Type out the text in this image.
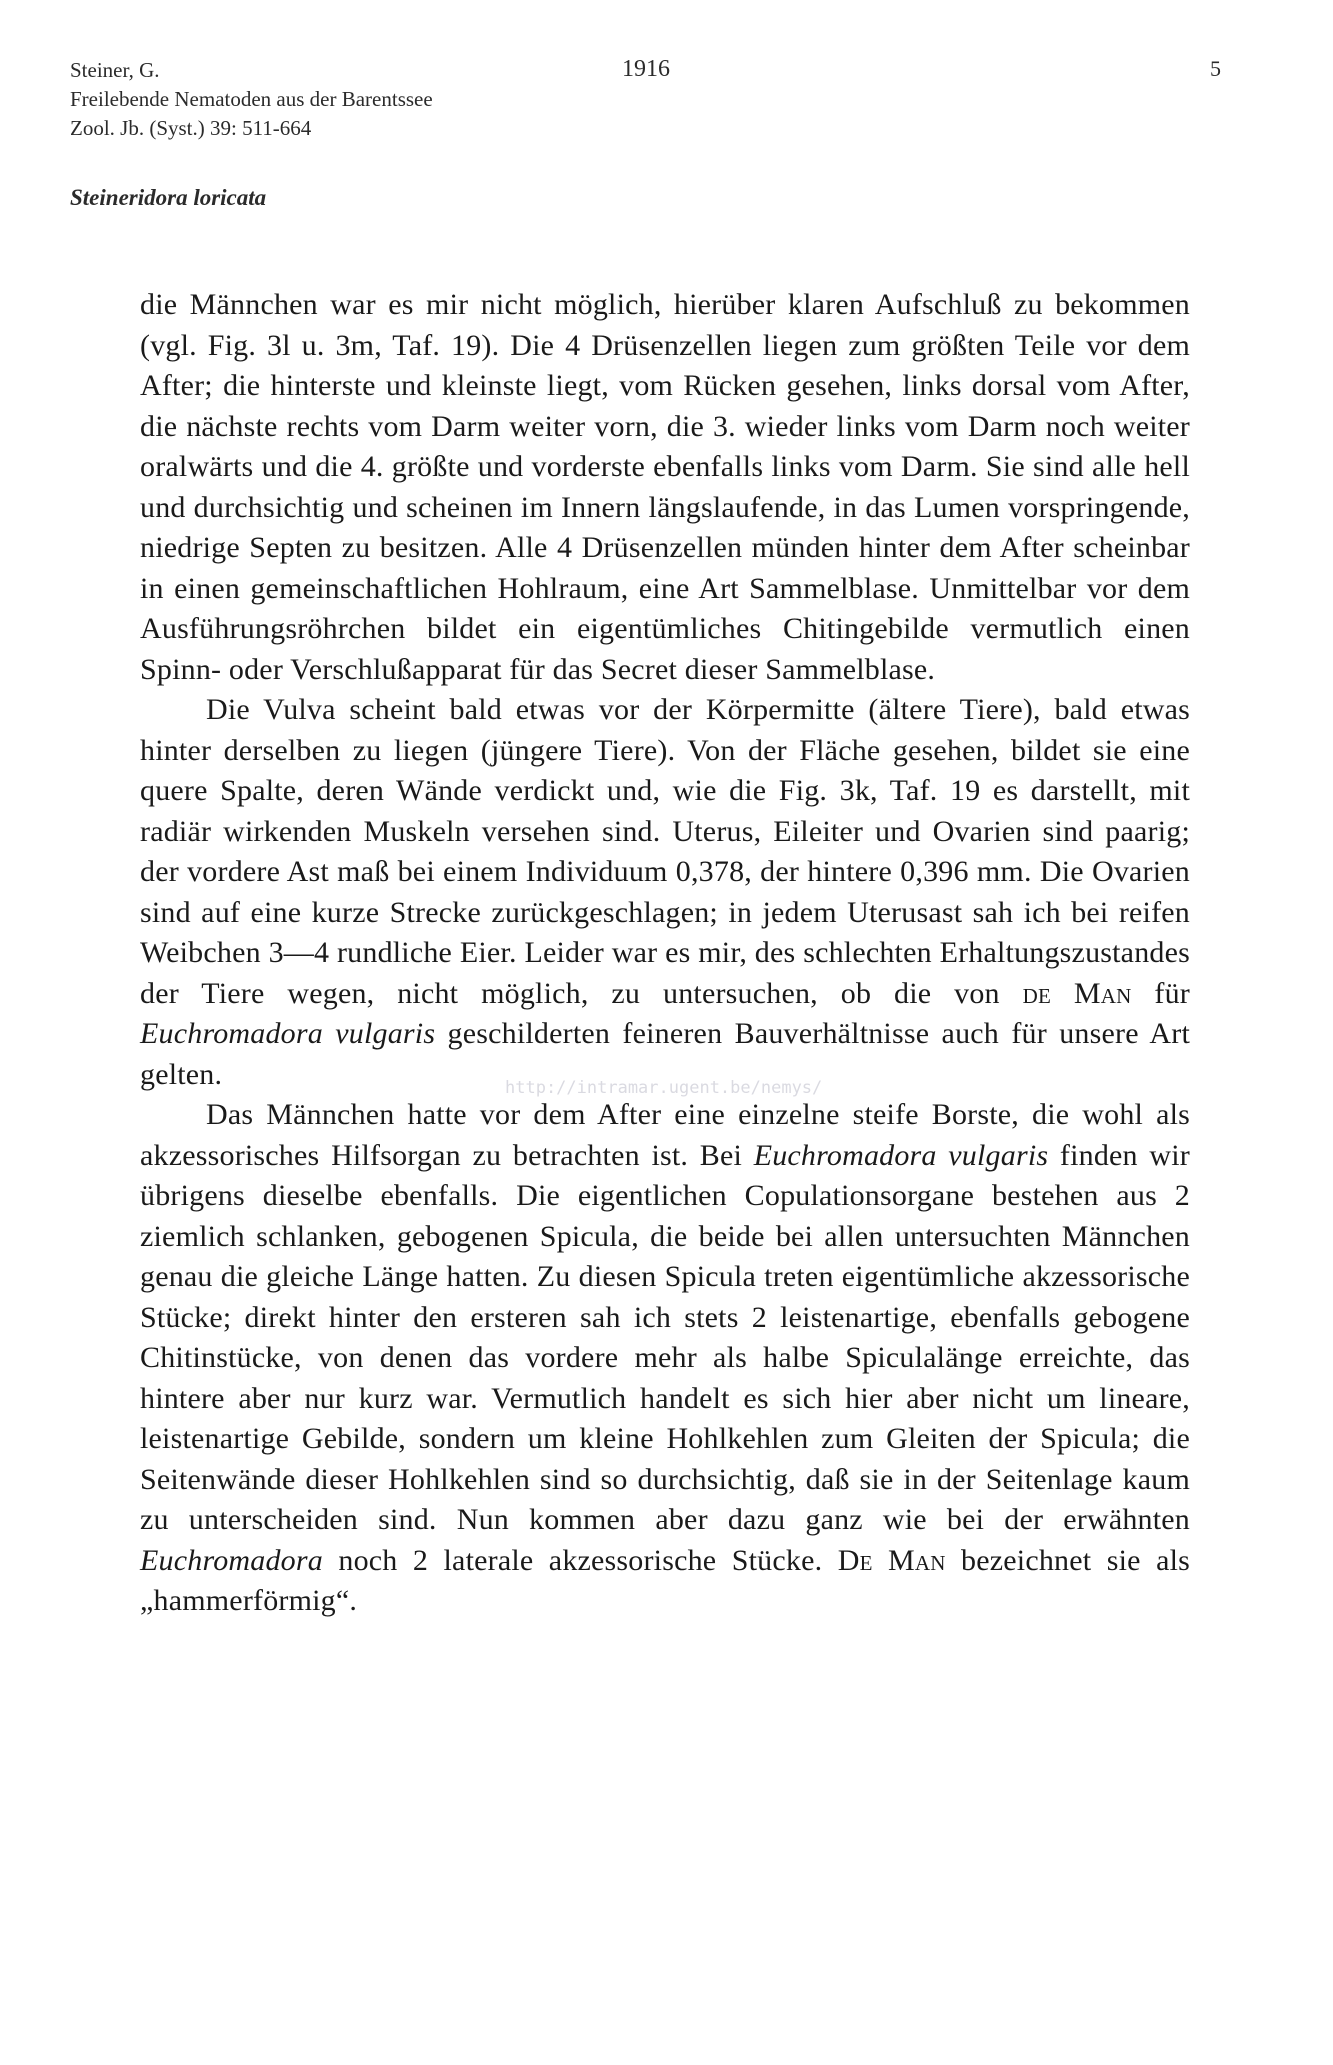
Steiner, G.
Freilebende Nematoden aus der Barentssee
Zool. Jb. (Syst.) 39: 511-664
1916	5
Steineridora loricata

die Männchen war es mir nicht möglich, hierüber klaren Aufschluß zu bekommen (vgl. Fig. 3l u. 3m, Taf. 19). Die 4 Drüsenzellen liegen zum größten Teile vor dem After; die hinterste und kleinste liegt, vom Rücken gesehen, links dorsal vom After, die nächste rechts vom Darm weiter vorn, die 3. wieder links vom Darm noch weiter oralwärts und die 4. größte und vorderste ebenfalls links vom Darm. Sie sind alle hell und durchsichtig und scheinen im Innern längslaufende, in das Lumen vorspringende, niedrige Septen zu besitzen. Alle 4 Drüsenzellen münden hinter dem After scheinbar in einen gemeinschaftlichen Hohlraum, eine Art Sammelblase. Unmittelbar vor dem Ausführungsröhrchen bildet ein eigentümliches Chitingebilde vermutlich einen Spinn- oder Verschlußapparat für das Secret dieser Sammelblase.

Die Vulva scheint bald etwas vor der Körpermitte (ältere Tiere), bald etwas hinter derselben zu liegen (jüngere Tiere). Von der Fläche gesehen, bildet sie eine quere Spalte, deren Wände verdickt und, wie die Fig. 3k, Taf. 19 es darstellt, mit radiär wirkenden Muskeln versehen sind. Uterus, Eileiter und Ovarien sind paarig; der vordere Ast maß bei einem Individuum 0,378, der hintere 0,396 mm. Die Ovarien sind auf eine kurze Strecke zurückgeschlagen; in jedem Uterusast sah ich bei reifen Weibchen 3—4 rundliche Eier. Leider war es mir, des schlechten Erhaltungszustandes der Tiere wegen, nicht möglich, zu untersuchen, ob die von de Man für Euchromadora vulgaris geschilderten feineren Bauverhältnisse auch für unsere Art gelten.

Das Männchen hatte vor dem After eine einzelne steife Borste, die wohl als akzessorisches Hilfsorgan zu betrachten ist. Bei Euchromadora vulgaris finden wir übrigens dieselbe ebenfalls. Die eigentlichen Copulationsorgane bestehen aus 2 ziemlich schlanken, gebogenen Spicula, die beide bei allen untersuchten Männchen genau die gleiche Länge hatten. Zu diesen Spicula treten eigentümliche akzessorische Stücke; direkt hinter den ersteren sah ich stets 2 leistenartige, ebenfalls gebogene Chitinstücke, von denen das vordere mehr als halbe Spiculalänge erreichte, das hintere aber nur kurz war. Vermutlich handelt es sich hier aber nicht um lineare, leistenartige Gebilde, sondern um kleine Hohlkehlen zum Gleiten der Spicula; die Seitenwände dieser Hohlkehlen sind so durchsichtig, daß sie in der Seitenlage kaum zu unterscheiden sind. Nun kommen aber dazu ganz wie bei der erwähnten Euchromadora noch 2 laterale akzessorische Stücke. De Man bezeichnet sie als „hammerförmig“.

http://intramar.ugent.be/nemys/
